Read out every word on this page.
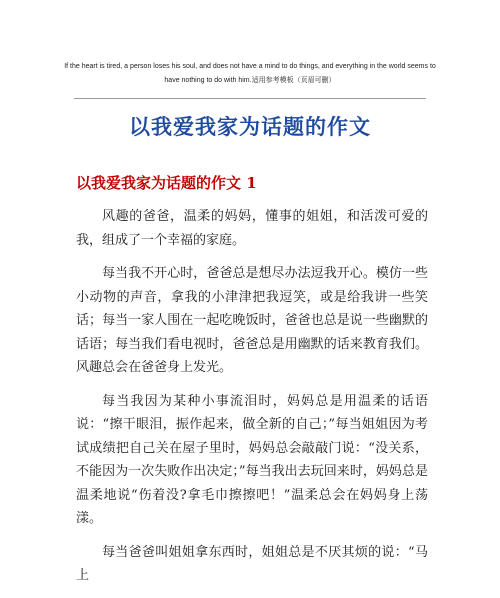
If the heart is tired, a person loses his soul, and does not have a mind to do things, and everything in the world seems to have nothing to do with him.适用参考模板（页眉可删）
以我爱我家为话题的作文
以我爱我家为话题的作文 1

风趣的爸爸，温柔的妈妈，懂事的姐姐，和活泼可爱的我，组成了一个幸福的家庭。

每当我不开心时，爸爸总是想尽办法逗我开心。模仿一些小动物的声音，拿我的小津津把我逗笑，或是给我讲一些笑话；每当一家人围在一起吃晚饭时，爸爸也总是说一些幽默的话语；每当我们看电视时，爸爸总是用幽默的话来教育我们。风趣总会在爸爸身上发光。

每当我因为某种小事流泪时，妈妈总是用温柔的话语说：“擦干眼泪，振作起来，做全新的自己；”每当姐姐因为考试成绩把自己关在屋子里时，妈妈总会敲敲门说：“没关系，不能因为一次失败作出决定；”每当我出去玩回来时，妈妈总是温柔地说“伤着没?拿毛巾擦擦吧！”温柔总会在妈妈身上荡漾。

每当爸爸叫姐姐拿东西时，姐姐总是不厌其烦的说：“马上
